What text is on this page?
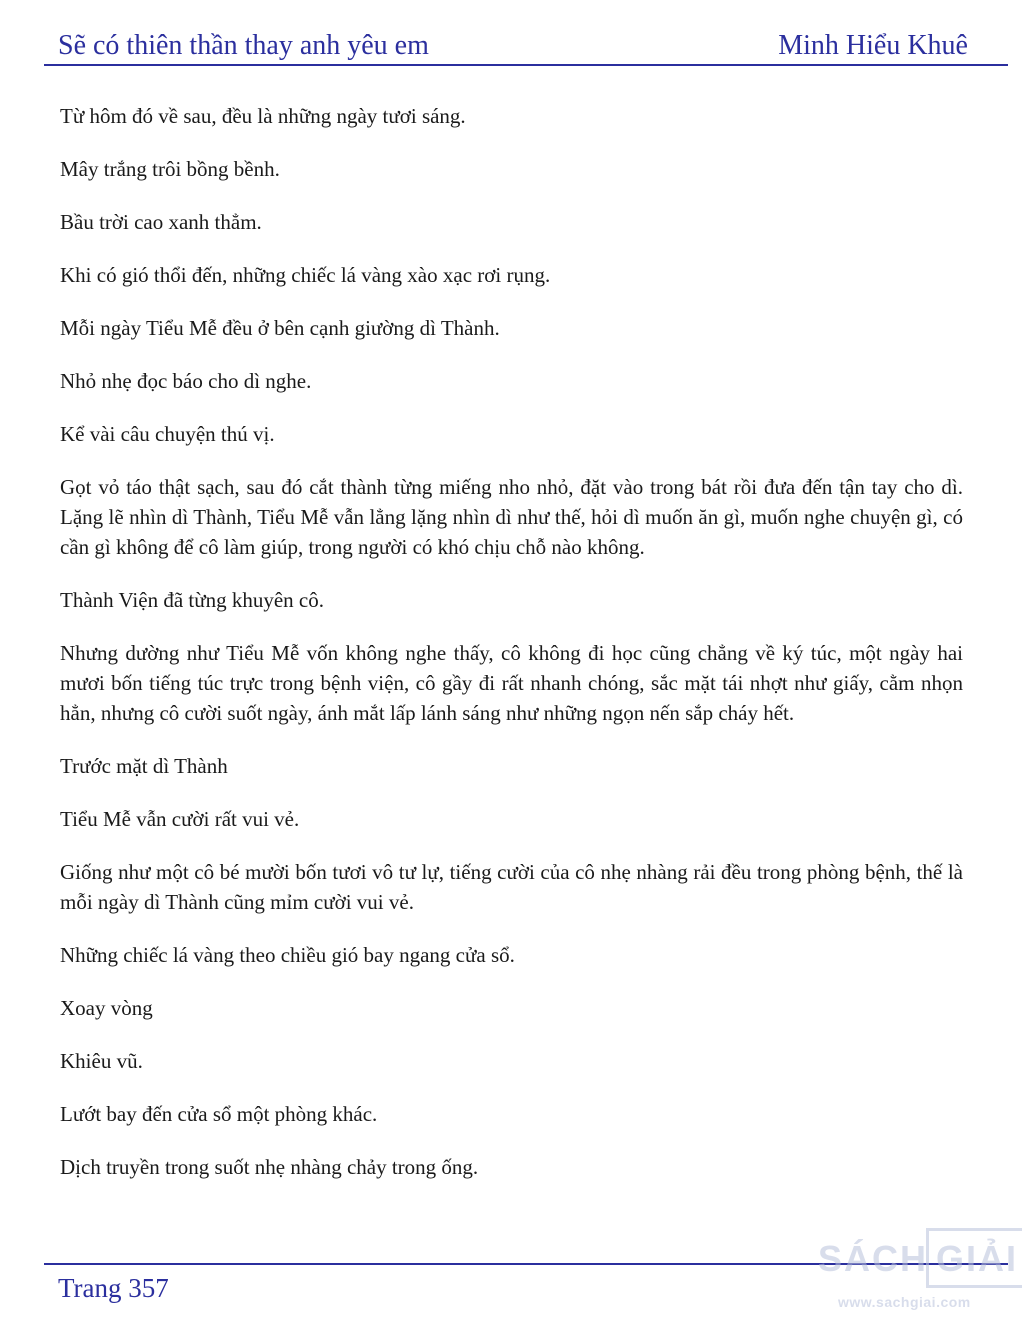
Sẽ có thiên thần thay anh yêu em	Minh Hiểu Khuê

Từ hôm đó về sau, đều là những ngày tươi sáng.

Mây trắng trôi bồng bềnh.

Bầu trời cao xanh thẳm.

Khi có gió thổi đến, những chiếc lá vàng xào xạc rơi rụng.

Mỗi ngày Tiểu Mễ đều ở bên cạnh giường dì Thành.

Nhỏ nhẹ đọc báo cho dì nghe.

Kể vài câu chuyện thú vị.

Gọt vỏ táo thật sạch, sau đó cắt thành từng miếng nho nhỏ, đặt vào trong bát rồi đưa đến tận tay cho dì. Lặng lẽ nhìn dì Thành, Tiểu Mễ vẫn lẳng lặng nhìn dì như thế, hỏi dì muốn ăn gì, muốn nghe chuyện gì, có cần gì không để cô làm giúp, trong người có khó chịu chỗ nào không.

Thành Viện đã từng khuyên cô.

Nhưng dường như Tiểu Mễ vốn không nghe thấy, cô không đi học cũng chẳng về ký túc, một ngày hai mươi bốn tiếng túc trực trong bệnh viện, cô gầy đi rất nhanh chóng, sắc mặt tái nhợt như giấy, cằm nhọn hẳn, nhưng cô cười suốt ngày, ánh mắt lấp lánh sáng như những ngọn nến sắp cháy hết.

Trước mặt dì Thành

Tiểu Mễ vẫn cười rất vui vẻ.

Giống như một cô bé mười bốn tươi vô tư lự, tiếng cười của cô nhẹ nhàng rải đều trong phòng bệnh, thế là mỗi ngày dì Thành cũng mỉm cười vui vẻ.

Những chiếc lá vàng theo chiều gió bay ngang cửa sổ.

Xoay vòng

Khiêu vũ.

Lướt bay đến cửa sổ một phòng khác.

Dịch truyền trong suốt nhẹ nhàng chảy trong ống.

Trang 357
SÁCH GIẢI
www.sachgiai.com
